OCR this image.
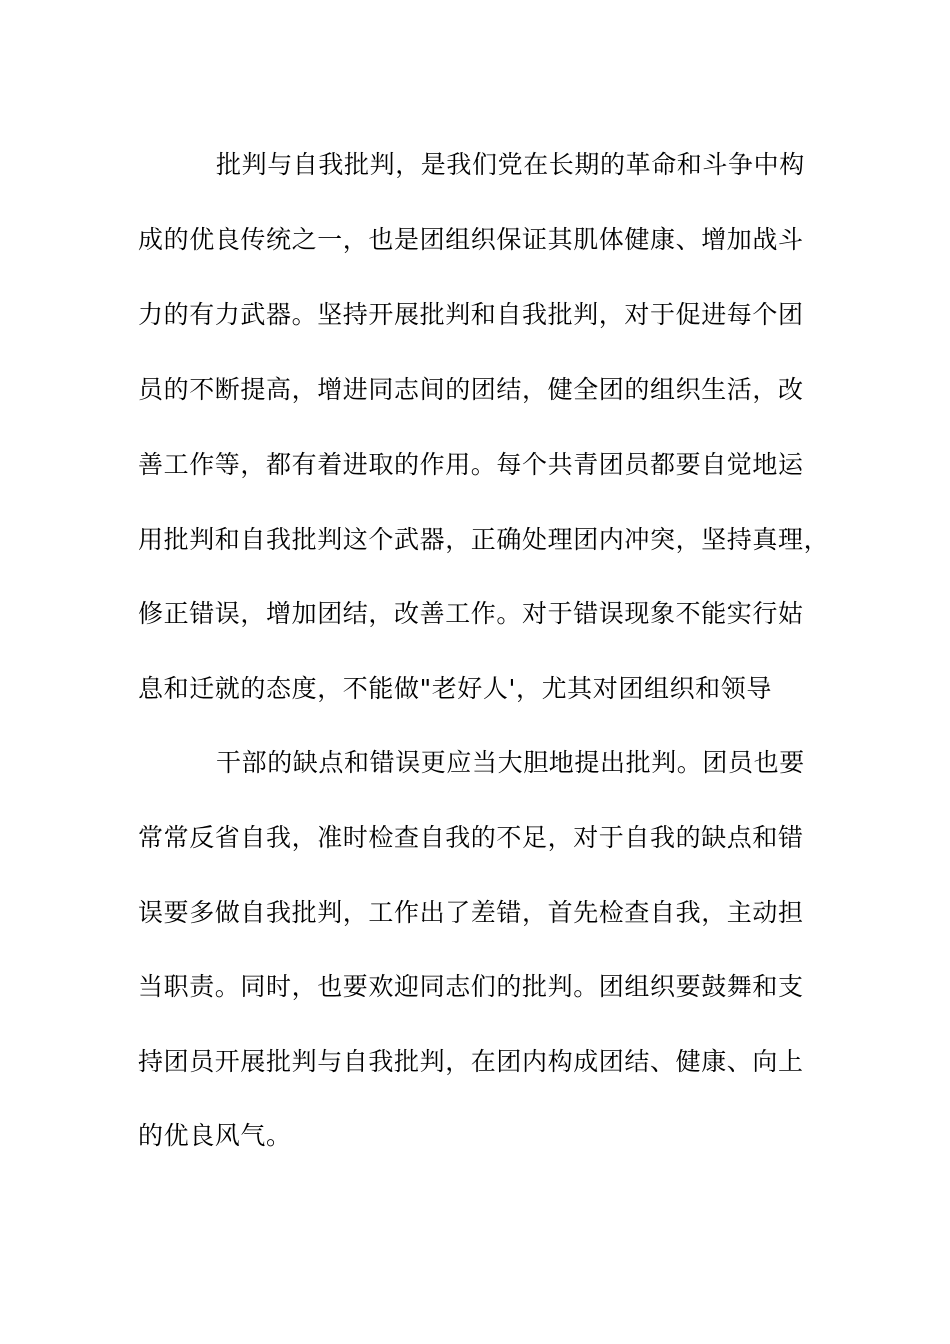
批判与自我批判，是我们党在长期的革命和斗争中构
成的优良传统之一，也是团组织保证其肌体健康、增加战斗
力的有力武器。坚持开展批判和自我批判，对于促进每个团
员的不断提高，增进同志间的团结，健全团的组织生活，改
善工作等，都有着进取的作用。每个共青团员都要自觉地运
用批判和自我批判这个武器，正确处理团内冲突，坚持真理，
修正错误，增加团结，改善工作。对于错误现象不能实行姑
息和迁就的态度，不能做"老好人'，尤其对团组织和领导
干部的缺点和错误更应当大胆地提出批判。团员也要
常常反省自我，准时检查自我的不足，对于自我的缺点和错
误要多做自我批判，工作出了差错，首先检查自我，主动担
当职责。同时，也要欢迎同志们的批判。团组织要鼓舞和支
持团员开展批判与自我批判，在团内构成团结、健康、向上
的优良风气。
